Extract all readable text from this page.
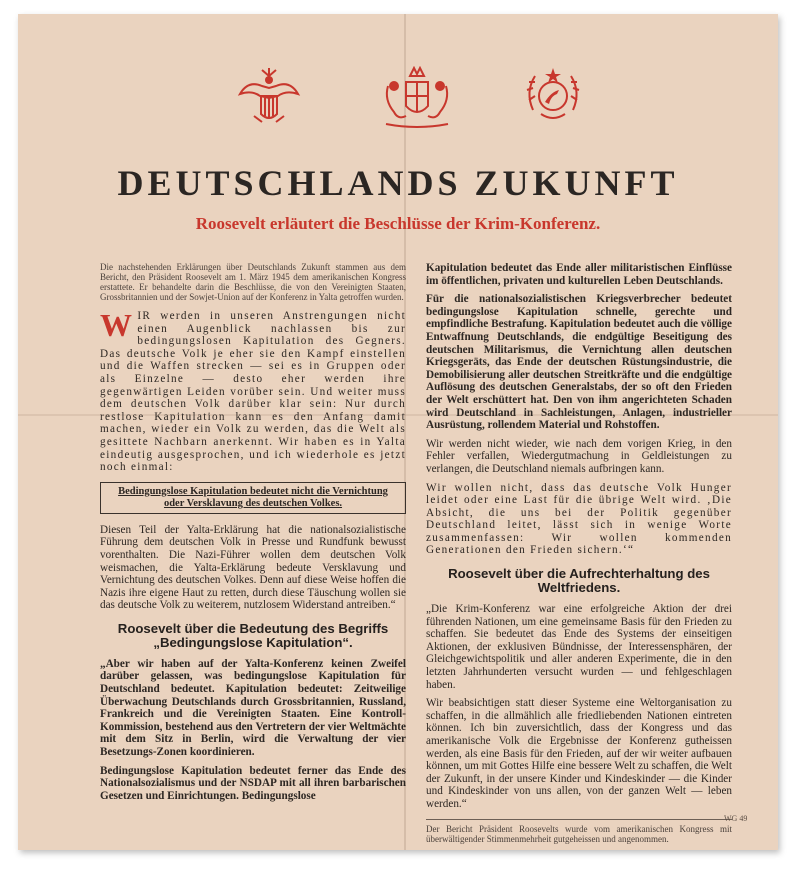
DEUTSCHLANDS ZUKUNFT
Roosevelt erläutert die Beschlüsse der Krim-Konferenz.

Die nachstehenden Erklärungen über Deutschlands Zukunft stammen aus dem Bericht, den Präsident Roosevelt am 1. März 1945 dem amerikanischen Kongress erstattete. Er behandelte darin die Beschlüsse, die von den Vereinigten Staaten, Grossbritannien und der Sowjet-Union auf der Konferenz in Yalta getroffen wurden.

WIR werden in unseren Anstrengungen nicht einen Augenblick nachlassen bis zur bedingungslosen Kapitulation des Gegners. Das deutsche Volk je eher sie den Kampf einstellen und die Waffen strecken — sei es in Gruppen oder als Einzelne — desto eher werden ihre gegenwärtigen Leiden vorüber sein. Und weiter muss dem deutschen Volk darüber klar sein: Nur durch restlose Kapitulation kann es den Anfang damit machen, wieder ein Volk zu werden, das die Welt als gesittete Nachbarn anerkennt. Wir haben es in Yalta eindeutig ausgesprochen, und ich wiederhole es jetzt noch einmal:
Bedingungslose Kapitulation bedeutet nicht die Vernichtung oder Versklavung des deutschen Volkes.

Diesen Teil der Yalta-Erklärung hat die nationalsozialistische Führung dem deutschen Volk in Presse und Rundfunk bewusst vorenthalten. Die Nazi-Führer wollen dem deutschen Volk weismachen, die Yalta-Erklärung bedeute Versklavung und Vernichtung des deutschen Volkes. Denn auf diese Weise hoffen die Nazis ihre eigene Haut zu retten, durch diese Täuschung wollen sie das deutsche Volk zu weiterem, nutzlosem Widerstand antreiben.“

Roosevelt über die Bedeutung des Begriffs „Bedingungslose Kapitulation“.

„Aber wir haben auf der Yalta-Konferenz keinen Zweifel darüber gelassen, was bedingungslose Kapitulation für Deutschland bedeutet. Kapitulation bedeutet: Zeitweilige Überwachung Deutschlands durch Grossbritannien, Russland, Frankreich und die Vereinigten Staaten. Eine Kontroll-Kommission, bestehend aus den Vertretern der vier Weltmächte mit dem Sitz in Berlin, wird die Verwaltung der vier Besetzungs-Zonen koordinieren.

Bedingungslose Kapitulation bedeutet ferner das Ende des Nationalsozialismus und der NSDAP mit all ihren barbarischen Gesetzen und Einrichtungen. Bedingungslose

Kapitulation bedeutet das Ende aller militaristischen Einflüsse im öffentlichen, privaten und kulturellen Leben Deutschlands.

Für die nationalsozialistischen Kriegsverbrecher bedeutet bedingungslose Kapitulation schnelle, gerechte und empfindliche Bestrafung. Kapitulation bedeutet auch die völlige Entwaffnung Deutschlands, die endgültige Beseitigung des deutschen Militarismus, die Vernichtung allen deutschen Kriegsgeräts, das Ende der deutschen Rüstungsindustrie, die Demobilisierung aller deutschen Streitkräfte und die endgültige Auflösung des deutschen Generalstabs, der so oft den Frieden der Welt erschüttert hat. Den von ihm angerichteten Schaden wird Deutschland in Sachleistungen, Anlagen, industrieller Ausrüstung, rollendem Material und Rohstoffen.

Wir werden nicht wieder, wie nach dem vorigen Krieg, in den Fehler verfallen, Wiedergutmachung in Geldleistungen zu verlangen, die Deutschland niemals aufbringen kann.

Wir wollen nicht, dass das deutsche Volk Hunger leidet oder eine Last für die übrige Welt wird. ‚Die Absicht, die uns bei der Politik gegenüber Deutschland leitet, lässt sich in wenige Worte zusammenfassen: Wir wollen kommenden Generationen den Frieden sichern.‘“

Roosevelt über die Aufrechterhaltung des Weltfriedens.

„Die Krim-Konferenz war eine erfolgreiche Aktion der drei führenden Nationen, um eine gemeinsame Basis für den Frieden zu schaffen. Sie bedeutet das Ende des Systems der einseitigen Aktionen, der exklusiven Bündnisse, der Interessensphären, der Gleichgewichtspolitik und aller anderen Experimente, die in den letzten Jahrhunderten versucht wurden — und fehlgeschlagen haben.

Wir beabsichtigen statt dieser Systeme eine Weltorganisation zu schaffen, in die allmählich alle friedliebenden Nationen eintreten können. Ich bin zuversichtlich, dass der Kongress und das amerikanische Volk die Ergebnisse der Konferenz gutheissen werden, als eine Basis für den Frieden, auf der wir weiter aufbauen können, um mit Gottes Hilfe eine bessere Welt zu schaffen, die Welt der Zukunft, in der unsere Kinder und Kindeskinder — die Kinder und Kindeskinder von uns allen, von der ganzen Welt — leben werden.“

Der Bericht Präsident Roosevelts wurde vom amerikanischen Kongress mit überwältigender Stimmenmehrheit gutgeheissen und angenommen.
WG 49
